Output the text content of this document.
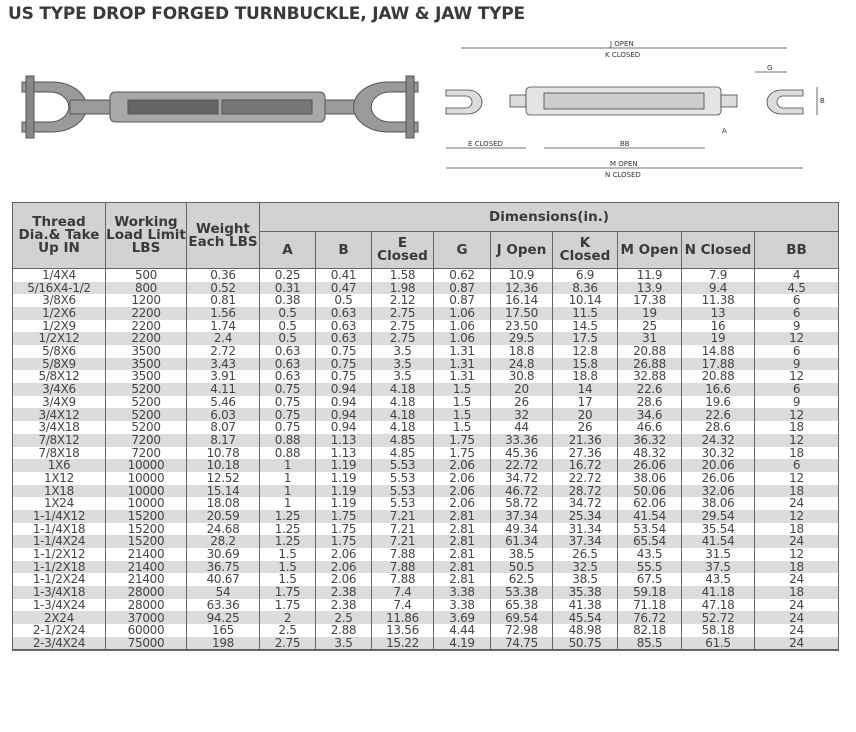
US TYPE DROP FORGED TURNBUCKLE, JAW & JAW TYPE
J OPEN
K CLOSED
G
B
A
E CLOSED	BB
M OPEN
N CLOSED
Thread Dia.& Take Up IN	Working Load Limit LBS	Weight Each LBS	Dimensions(in.)								
			A	B	E Closed	G	J Open	K Closed	M Open	N Closed	BB
1/4X4	500	0.36	0.25	0.41	1.58	0.62	10.9	6.9	11.9	7.9	4
5/16X4-1/2	800	0.52	0.31	0.47	1.98	0.87	12.36	8.36	13.9	9.4	4.5
3/8X6	1200	0.81	0.38	0.5	2.12	0.87	16.14	10.14	17.38	11.38	6
1/2X6	2200	1.56	0.5	0.63	2.75	1.06	17.50	11.5	19	13	6
1/2X9	2200	1.74	0.5	0.63	2.75	1.06	23.50	14.5	25	16	9
1/2X12	2200	2.4	0.5	0.63	2.75	1.06	29.5	17.5	31	19	12
5/8X6	3500	2.72	0.63	0.75	3.5	1.31	18.8	12.8	20.88	14.88	6
5/8X9	3500	3.43	0.63	0.75	3.5	1.31	24.8	15.8	26.88	17.88	9
5/8X12	3500	3.91	0.63	0.75	3.5	1.31	30.8	18.8	32.88	20.88	12
3/4X6	5200	4.11	0.75	0.94	4.18	1.5	20	14	22.6	16.6	6
3/4X9	5200	5.46	0.75	0.94	4.18	1.5	26	17	28.6	19.6	9
3/4X12	5200	6.03	0.75	0.94	4.18	1.5	32	20	34.6	22.6	12
3/4X18	5200	8.07	0.75	0.94	4.18	1.5	44	26	46.6	28.6	18
7/8X12	7200	8.17	0.88	1.13	4.85	1.75	33.36	21.36	36.32	24.32	12
7/8X18	7200	10.78	0.88	1.13	4.85	1.75	45.36	27.36	48.32	30.32	18
1X6	10000	10.18	1	1.19	5.53	2.06	22.72	16.72	26.06	20.06	6
1X12	10000	12.52	1	1.19	5.53	2.06	34.72	22.72	38.06	26.06	12
1X18	10000	15.14	1	1.19	5.53	2.06	46.72	28.72	50.06	32.06	18
1X24	10000	18.08	1	1.19	5.53	2.06	58.72	34.72	62.06	38.06	24
1-1/4X12	15200	20.59	1.25	1.75	7.21	2.81	37.34	25.34	41.54	29.54	12
1-1/4X18	15200	24.68	1.25	1.75	7.21	2.81	49.34	31.34	53.54	35.54	18
1-1/4X24	15200	28.2	1.25	1.75	7.21	2.81	61.34	37.34	65.54	41.54	24
1-1/2X12	21400	30.69	1.5	2.06	7.88	2.81	38.5	26.5	43.5	31.5	12
1-1/2X18	21400	36.75	1.5	2.06	7.88	2.81	50.5	32.5	55.5	37.5	18
1-1/2X24	21400	40.67	1.5	2.06	7.88	2.81	62.5	38.5	67.5	43.5	24
1-3/4X18	28000	54	1.75	2.38	7.4	3.38	53.38	35.38	59.18	41.18	18
1-3/4X24	28000	63.36	1.75	2.38	7.4	3.38	65.38	41.38	71.18	47.18	24
2X24	37000	94.25	2	2.5	11.86	3.69	69.54	45.54	76.72	52.72	24
2-1/2X24	60000	165	2.5	2.88	13.56	4.44	72.98	48.98	82.18	58.18	24
2-3/4X24	75000	198	2.75	3.5	15.22	4.19	74.75	50.75	85.5	61.5	24
